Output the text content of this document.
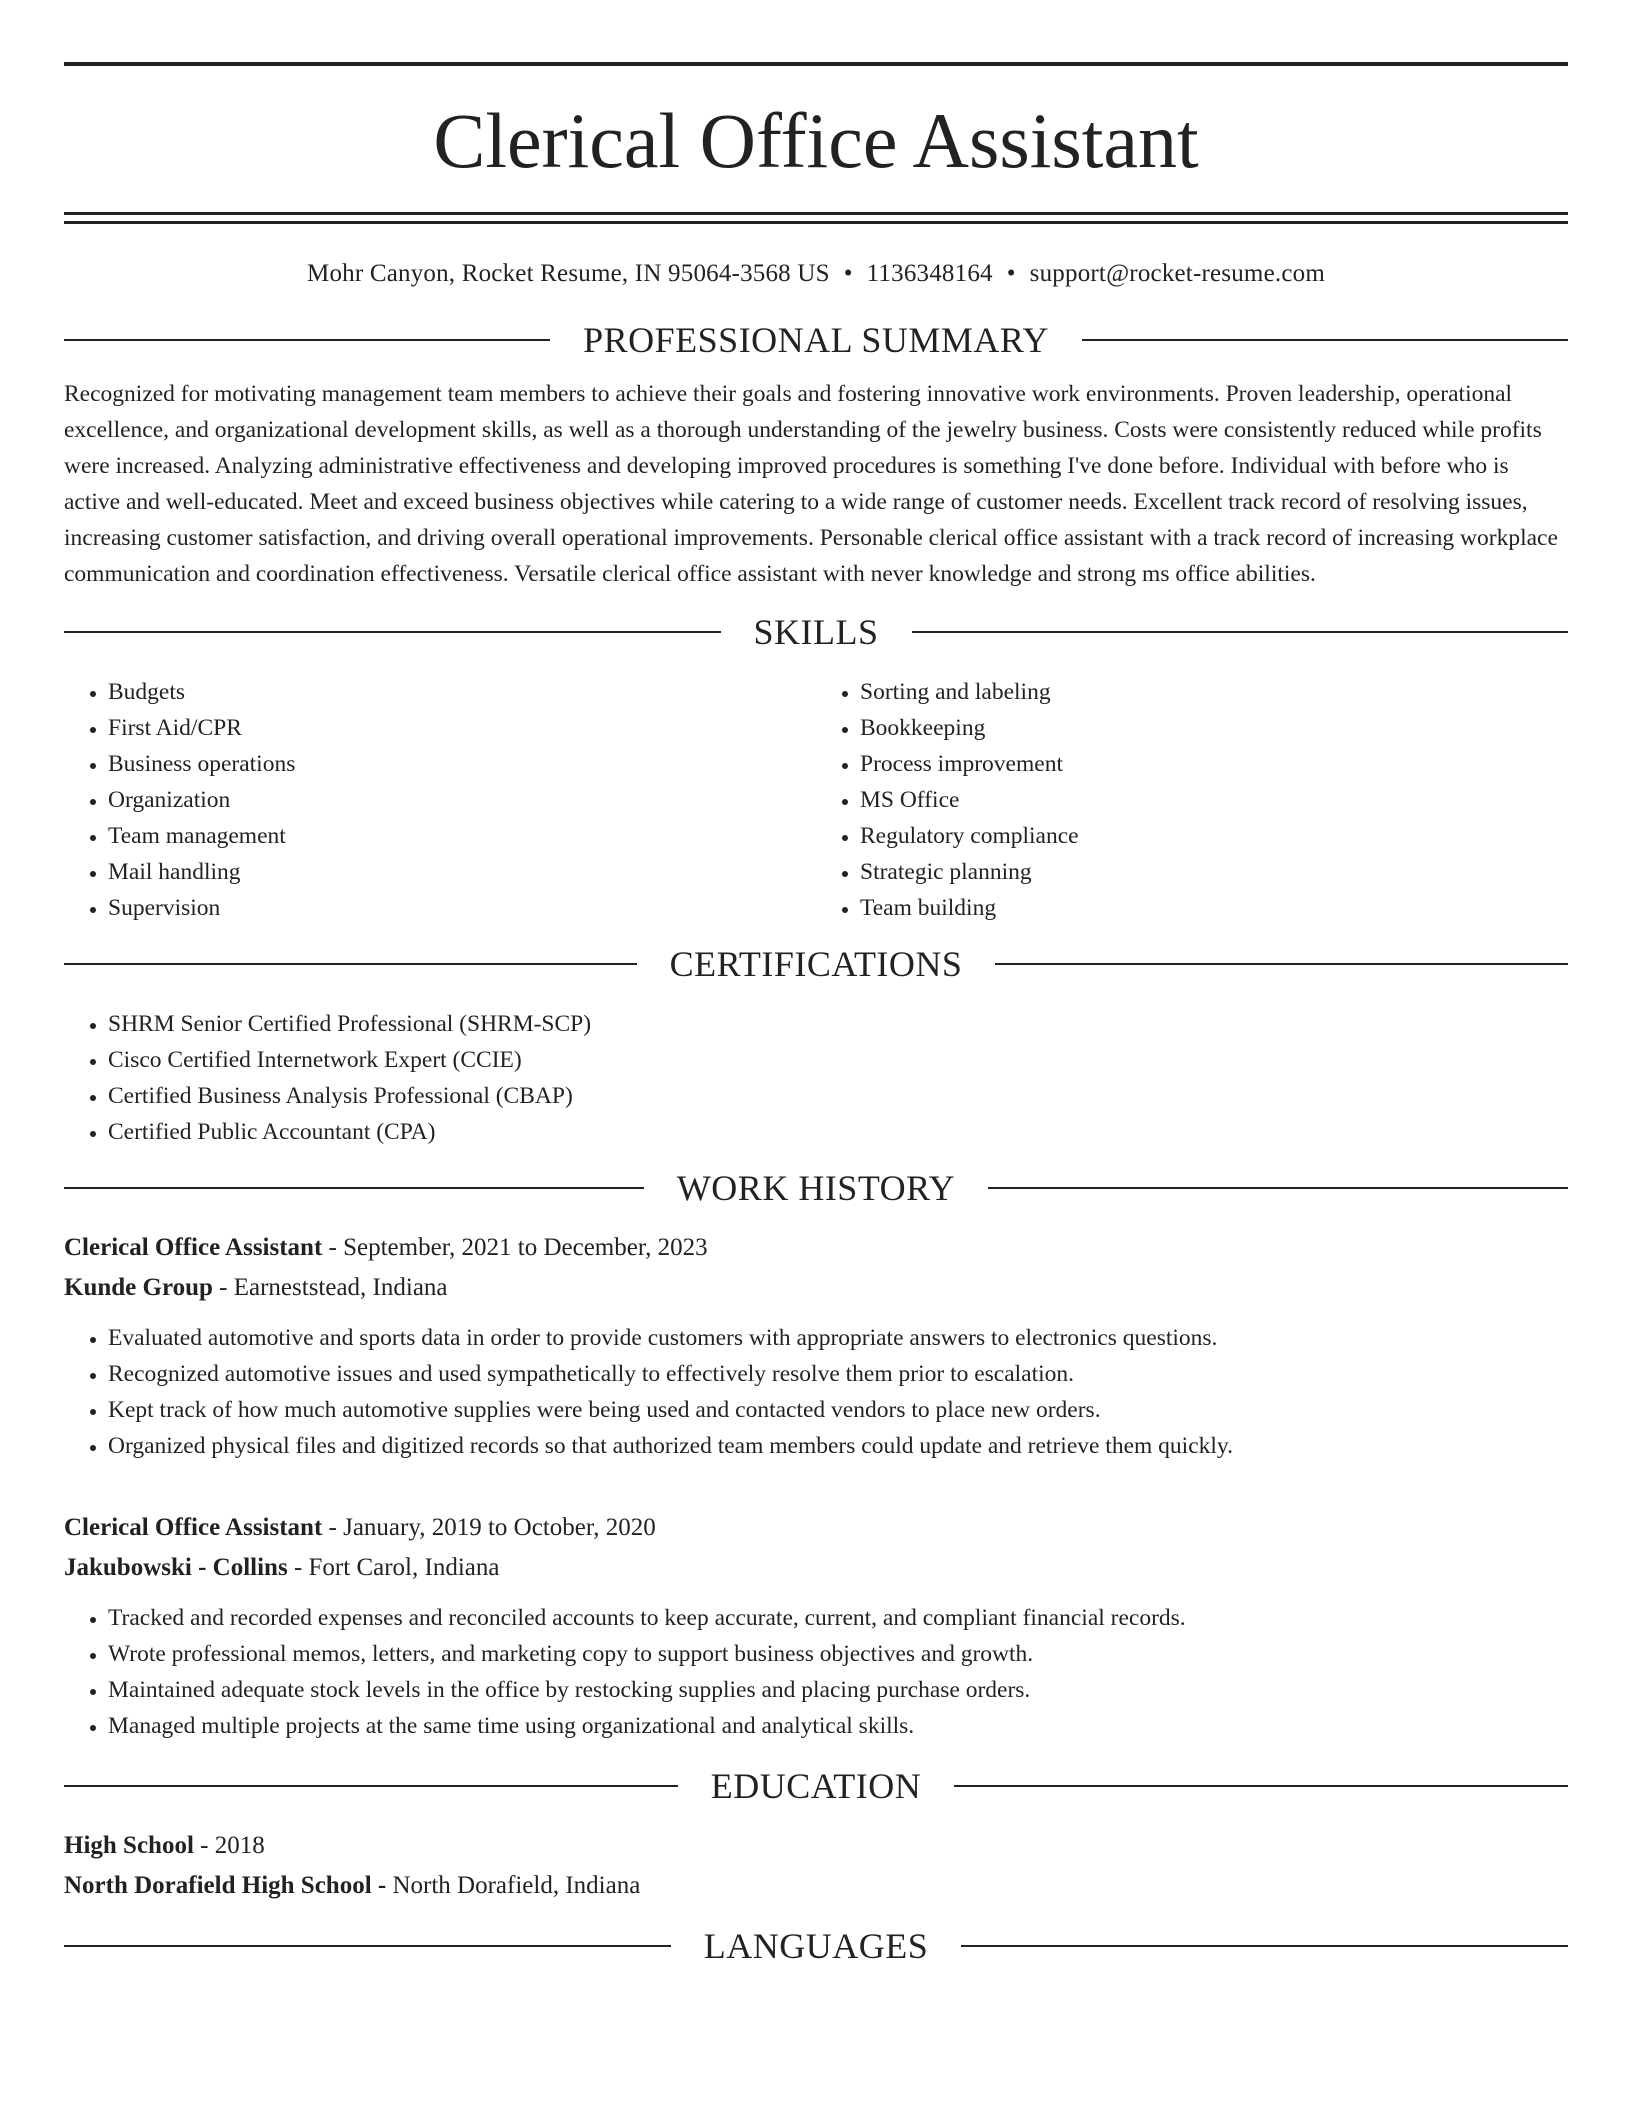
Clerical Office Assistant
Mohr Canyon, Rocket Resume, IN 95064-3568 US • 1136348164 • support@rocket-resume.com
PROFESSIONAL SUMMARY

Recognized for motivating management team members to achieve their goals and fostering innovative work environments. Proven leadership, operational excellence, and organizational development skills, as well as a thorough understanding of the jewelry business. Costs were consistently reduced while profits were increased. Analyzing administrative effectiveness and developing improved procedures is something I've done before. Individual with before who is active and well-educated. Meet and exceed business objectives while catering to a wide range of customer needs. Excellent track record of resolving issues, increasing customer satisfaction, and driving overall operational improvements. Personable clerical office assistant with a track record of increasing workplace communication and coordination effectiveness. Versatile clerical office assistant with never knowledge and strong ms office abilities.

SKILLS
• Budgets
• First Aid/CPR
• Business operations
• Organization
• Team management
• Mail handling
• Supervision
• Sorting and labeling
• Bookkeeping
• Process improvement
• MS Office
• Regulatory compliance
• Strategic planning
• Team building
CERTIFICATIONS
• SHRM Senior Certified Professional (SHRM-SCP)
• Cisco Certified Internetwork Expert (CCIE)
• Certified Business Analysis Professional (CBAP)
• Certified Public Accountant (CPA)
WORK HISTORY
Clerical Office Assistant - September, 2021 to December, 2023
Kunde Group - Earneststead, Indiana
• Evaluated automotive and sports data in order to provide customers with appropriate answers to electronics questions.
• Recognized automotive issues and used sympathetically to effectively resolve them prior to escalation.
• Kept track of how much automotive supplies were being used and contacted vendors to place new orders.
• Organized physical files and digitized records so that authorized team members could update and retrieve them quickly.
Clerical Office Assistant - January, 2019 to October, 2020
Jakubowski - Collins - Fort Carol, Indiana
• Tracked and recorded expenses and reconciled accounts to keep accurate, current, and compliant financial records.
• Wrote professional memos, letters, and marketing copy to support business objectives and growth.
• Maintained adequate stock levels in the office by restocking supplies and placing purchase orders.
• Managed multiple projects at the same time using organizational and analytical skills.
EDUCATION
High School - 2018
North Dorafield High School - North Dorafield, Indiana
LANGUAGES
